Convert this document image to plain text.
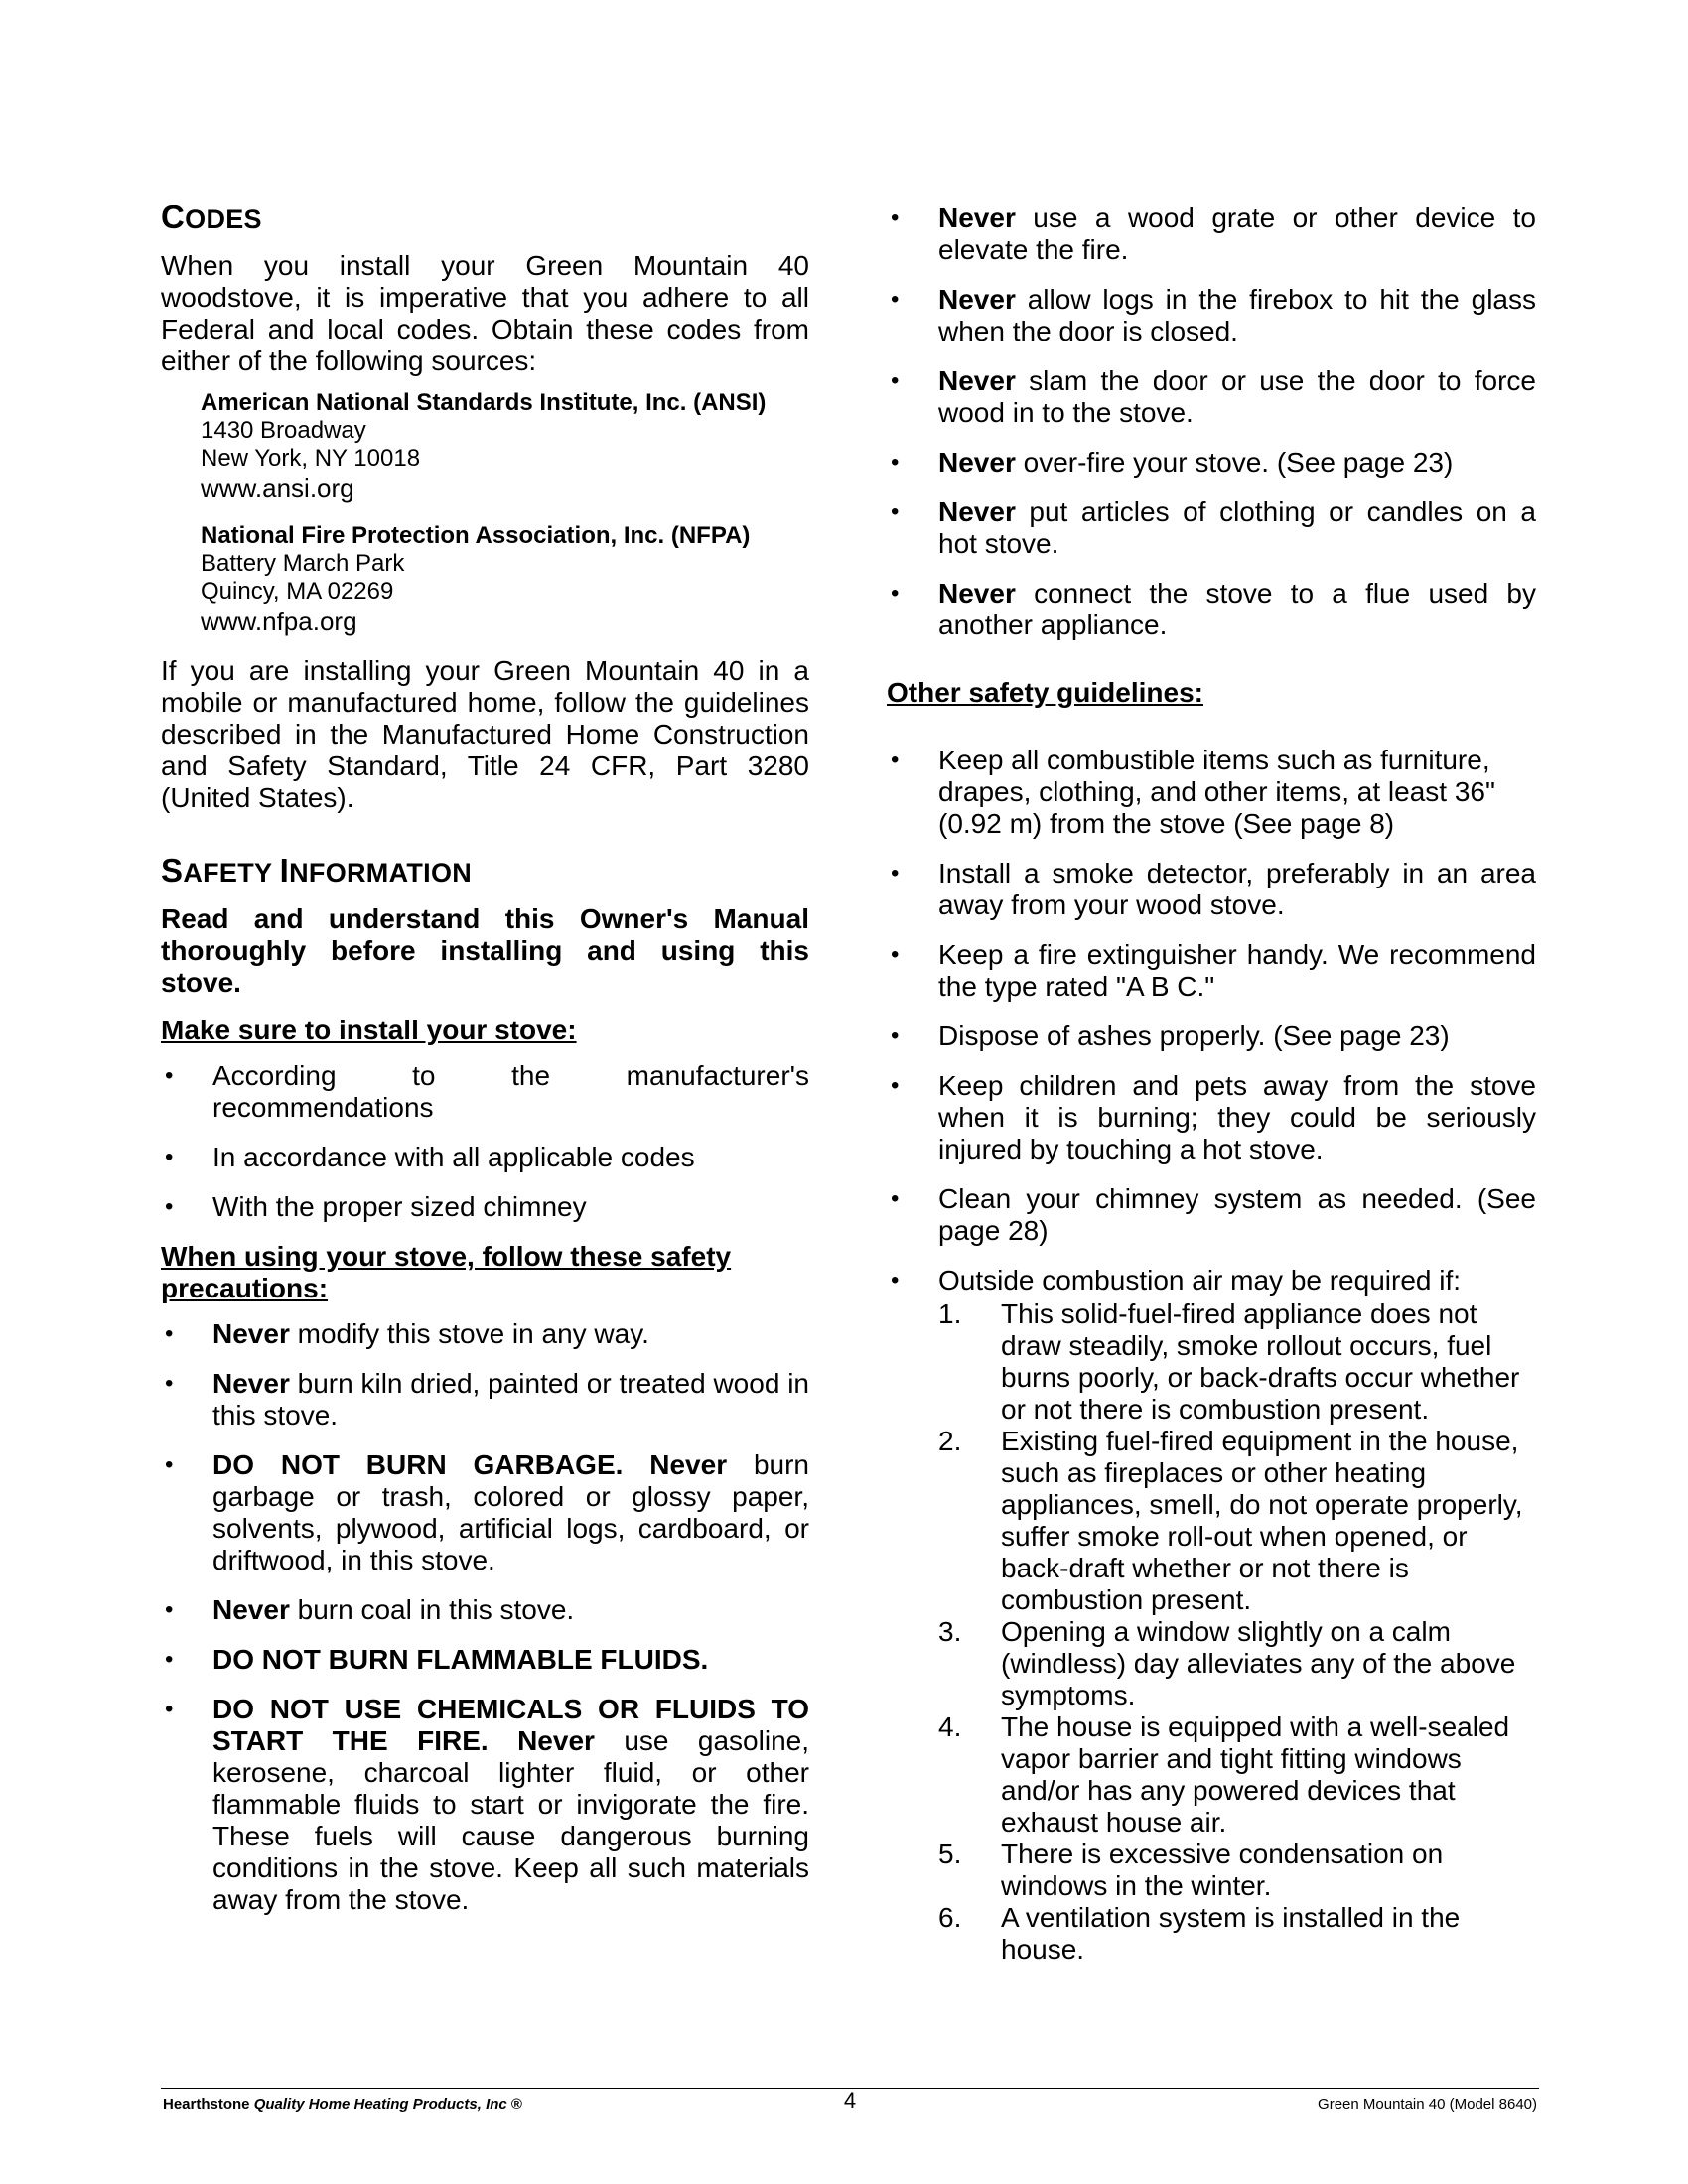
CODES

When you install your Green Mountain 40 woodstove, it is imperative that you adhere to all Federal and local codes. Obtain these codes from either of the following sources:

American National Standards Institute, Inc. (ANSI)
1430 Broadway
New York, NY 10018
www.ansi.org
National Fire Protection Association, Inc. (NFPA)
Battery March Park
Quincy, MA 02269
www.nfpa.org

If you are installing your Green Mountain 40 in a mobile or manufactured home, follow the guidelines described in the Manufactured Home Construction and Safety Standard, Title 24 CFR, Part 3280 (United States).

SAFETY INFORMATION

Read and understand this Owner's Manual thoroughly before installing and using this stove.

Make sure to install your stove:
• According to the manufacturer's recommendations
• In accordance with all applicable codes
• With the proper sized chimney
When using your stove, follow these safety precautions:
• Never modify this stove in any way.
• Never burn kiln dried, painted or treated wood in this stove.
• DO NOT BURN GARBAGE. Never burn garbage or trash, colored or glossy paper, solvents, plywood, artificial logs, cardboard, or driftwood, in this stove.
• Never burn coal in this stove.
• DO NOT BURN FLAMMABLE FLUIDS.
• DO NOT USE CHEMICALS OR FLUIDS TO START THE FIRE. Never use gasoline, kerosene, charcoal lighter fluid, or other flammable fluids to start or invigorate the fire. These fuels will cause dangerous burning conditions in the stove. Keep all such materials away from the stove.
• Never use a wood grate or other device to elevate the fire.
• Never allow logs in the firebox to hit the glass when the door is closed.
• Never slam the door or use the door to force wood in to the stove.
• Never over-fire your stove. (See page 23)
• Never put articles of clothing or candles on a hot stove.
• Never connect the stove to a flue used by another appliance.
Other safety guidelines:
• Keep all combustible items such as furniture, drapes, clothing, and other items, at least 36" (0.92 m) from the stove (See page 8)
• Install a smoke detector, preferably in an area away from your wood stove.
• Keep a fire extinguisher handy. We recommend the type rated "A B C."
• Dispose of ashes properly. (See page 23)
• Keep children and pets away from the stove when it is burning; they could be seriously injured by touching a hot stove.
• Clean your chimney system as needed. (See page 28)
• Outside combustion air may be required if:
1. This solid-fuel-fired appliance does not draw steadily, smoke rollout occurs, fuel burns poorly, or back-drafts occur whether or not there is combustion present.
2. Existing fuel-fired equipment in the house, such as fireplaces or other heating appliances, smell, do not operate properly, suffer smoke roll-out when opened, or back-draft whether or not there is combustion present.
3. Opening a window slightly on a calm (windless) day alleviates any of the above symptoms.
4. The house is equipped with a well-sealed vapor barrier and tight fitting windows and/or has any powered devices that exhaust house air.
5. There is excessive condensation on windows in the winter.
6. A ventilation system is installed in the house.
Hearthstone Quality Home Heating Products, Inc ®	4	Green Mountain 40 (Model 8640)
